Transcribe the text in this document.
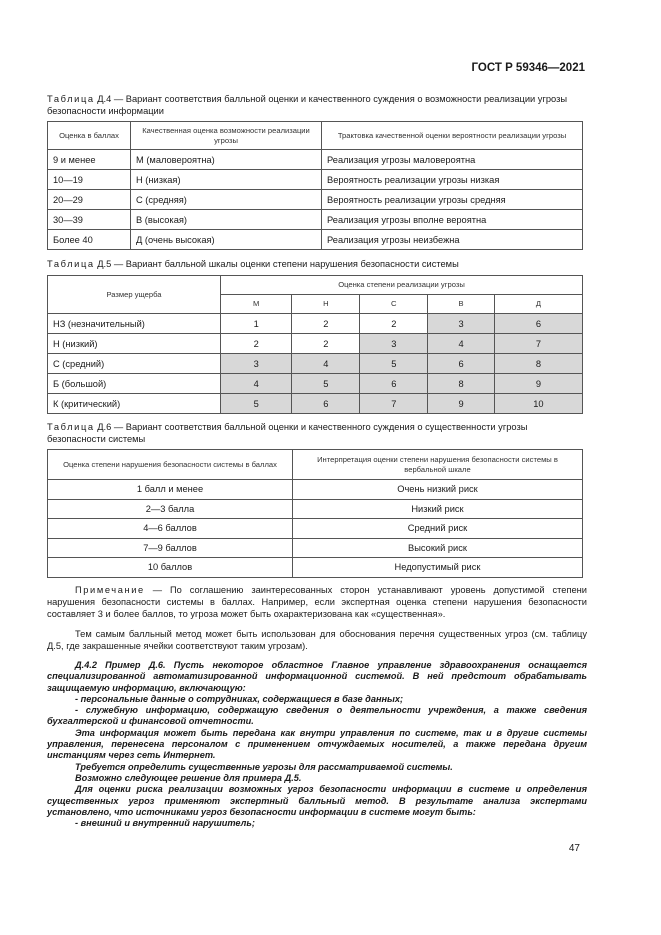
ГОСТ Р 59346—2021
Таблица Д.4 — Вариант соответствия балльной оценки и качественного суждения о возможности реализации угрозы безопасности информации
Оценка в баллах	Качественная оценка возможности реализации угрозы	Трактовка качественной оценки вероятности реализации угрозы
9 и менее	М (маловероятна)	Реализация угрозы маловероятна
10—19	Н (низкая)	Вероятность реализации угрозы низкая
20—29	С (средняя)	Вероятность реализации угрозы средняя
30—39	В (высокая)	Реализация угрозы вполне вероятна
Более 40	Д (очень высокая)	Реализация угрозы неизбежна
Таблица Д.5 — Вариант балльной шкалы оценки степени нарушения безопасности системы
Размер ущерба	Оценка степени реализации угрозы				
	М	Н	С	В	Д
НЗ (незначительный)	1	2	2	3	6
Н (низкий)	2	2	3	4	7
С (средний)	3	4	5	6	8
Б (большой)	4	5	6	8	9
К (критический)	5	6	7	9	10
Таблица Д.6 — Вариант соответствия балльной оценки и качественного суждения о существенности угрозы безопасности системы
Оценка степени нарушения безопасности системы в баллах	Интерпретация оценки степени нарушения безопасности системы в вербальной шкале
1 балл и менее	Очень низкий риск
2—3 балла	Низкий риск
4—6 баллов	Средний риск
7—9 баллов	Высокий риск
10 баллов	Недопустимый риск
Примечание — По соглашению заинтересованных сторон устанавливают уровень допустимой степени нарушения безопасности системы в баллах. Например, если экспертная оценка степени нарушения безопасности составляет 3 и более баллов, то угроза может быть охарактеризована как «существенная».
Тем самым балльный метод может быть использован для обоснования перечня существенных угроз (см. таблицу Д.5, где закрашенные ячейки соответствуют таким угрозам).
Д.4.2 Пример Д.6. Пусть некоторое областное Главное управление здравоохранения оснащается специализированной автоматизированной информационной системой. В ней предстоит обрабатывать защищаемую информацию, включающую:
- персональные данные о сотрудниках, содержащиеся в базе данных;
- служебную информацию, содержащую сведения о деятельности учреждения, а также сведения бухгалтерской и финансовой отчетности.
Эта информация может быть передана как внутри управления по системе, так и в другие системы управления, перенесена персоналом с применением отчуждаемых носителей, а также передана другим инстанциям через сеть Интернет.
Требуется определить существенные угрозы для рассматриваемой системы.
Возможно следующее решение для примера Д.5.
Для оценки риска реализации возможных угроз безопасности информации в системе и определения существенных угроз применяют экспертный балльный метод. В результате анализа экспертами установлено, что источниками угроз безопасности информации в системе могут быть:
- внешний и внутренний нарушитель;
47
